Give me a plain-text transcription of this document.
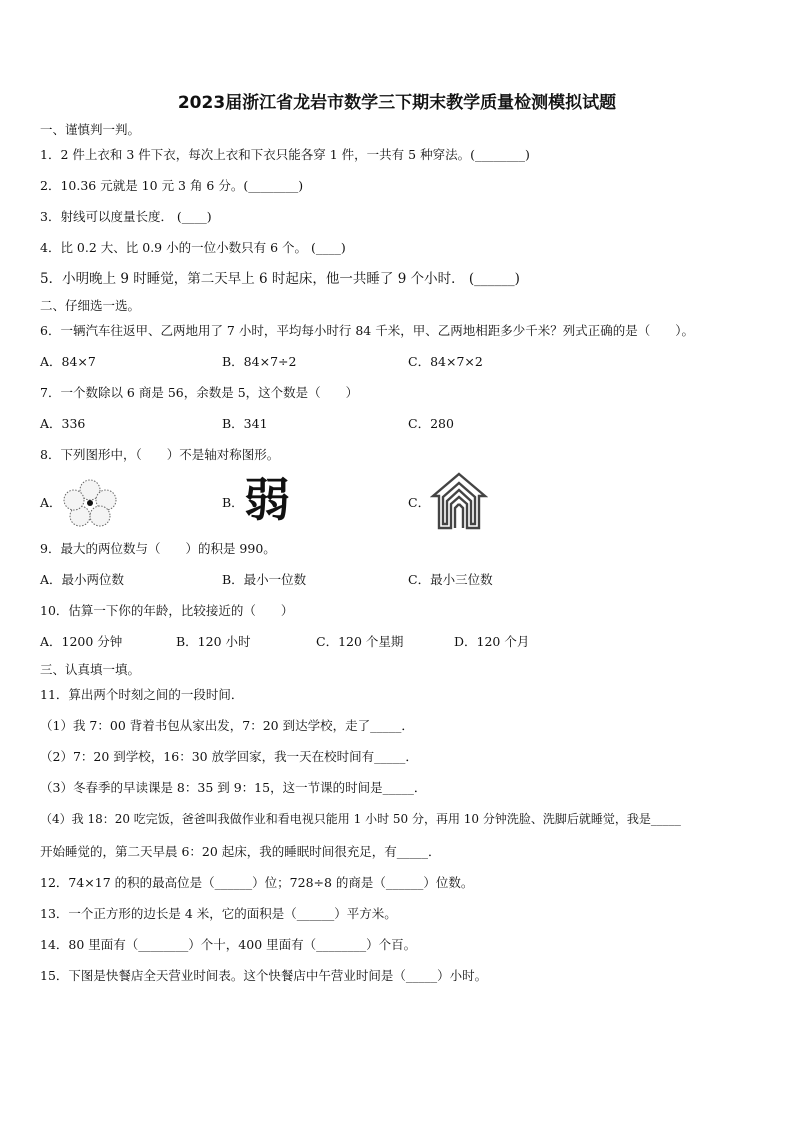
2023届浙江省龙岩市数学三下期末教学质量检测模拟试题
一、谨慎判一判。
1．2 件上衣和 3 件下衣，每次上衣和下衣只能各穿 1 件，一共有 5 种穿法。(________)
2．10.36 元就是 10 元 3 角 6 分。(________)
3．射线可以度量长度． (____)
4．比 0.2 大、比 0.9 小的一位小数只有 6 个。 (____)
5．小明晚上 9 时睡觉，第二天早上 6 时起床，他一共睡了 9 个小时． (______)
二、仔细选一选。
6．一辆汽车往返甲、乙两地用了 7 小时，平均每小时行 84 千米，甲、乙两地相距多少千米？列式正确的是（　　）。
A．84×7	B．84×7÷2	C．84×7×2
7．一个数除以 6 商是 56，余数是 5，这个数是（　　）
A．336	B．341	C．280
8．下列图形中，（　　）不是轴对称图形。
A．	B． 弱	C．
9．最大的两位数与（　　）的积是 990。
A．最小两位数	B．最小一位数	C．最小三位数
10．估算一下你的年龄，比较接近的（　　）
A．1200 分钟	B．120 小时	C．120 个星期	D．120 个月
三、认真填一填。
11．算出两个时刻之间的一段时间．
（1）我 7：00 背着书包从家出发，7：20 到达学校，走了_____．
（2）7：20 到学校，16：30 放学回家，我一天在校时间有_____．
（3）冬春季的早读课是 8：35 到 9：15，这一节课的时间是_____．
（4）我 18：20 吃完饭，爸爸叫我做作业和看电视只能用 1 小时 50 分，再用 10 分钟洗脸、洗脚后就睡觉，我是_____
开始睡觉的，第二天早晨 6：20 起床，我的睡眠时间很充足，有_____．
12．74×17 的积的最高位是（______）位；728÷8 的商是（______）位数。
13．一个正方形的边长是 4 米，它的面积是（______）平方米。
14．80 里面有（________）个十，400 里面有（________）个百。
15．下图是快餐店全天营业时间表。这个快餐店中午营业时间是（_____）小时。
